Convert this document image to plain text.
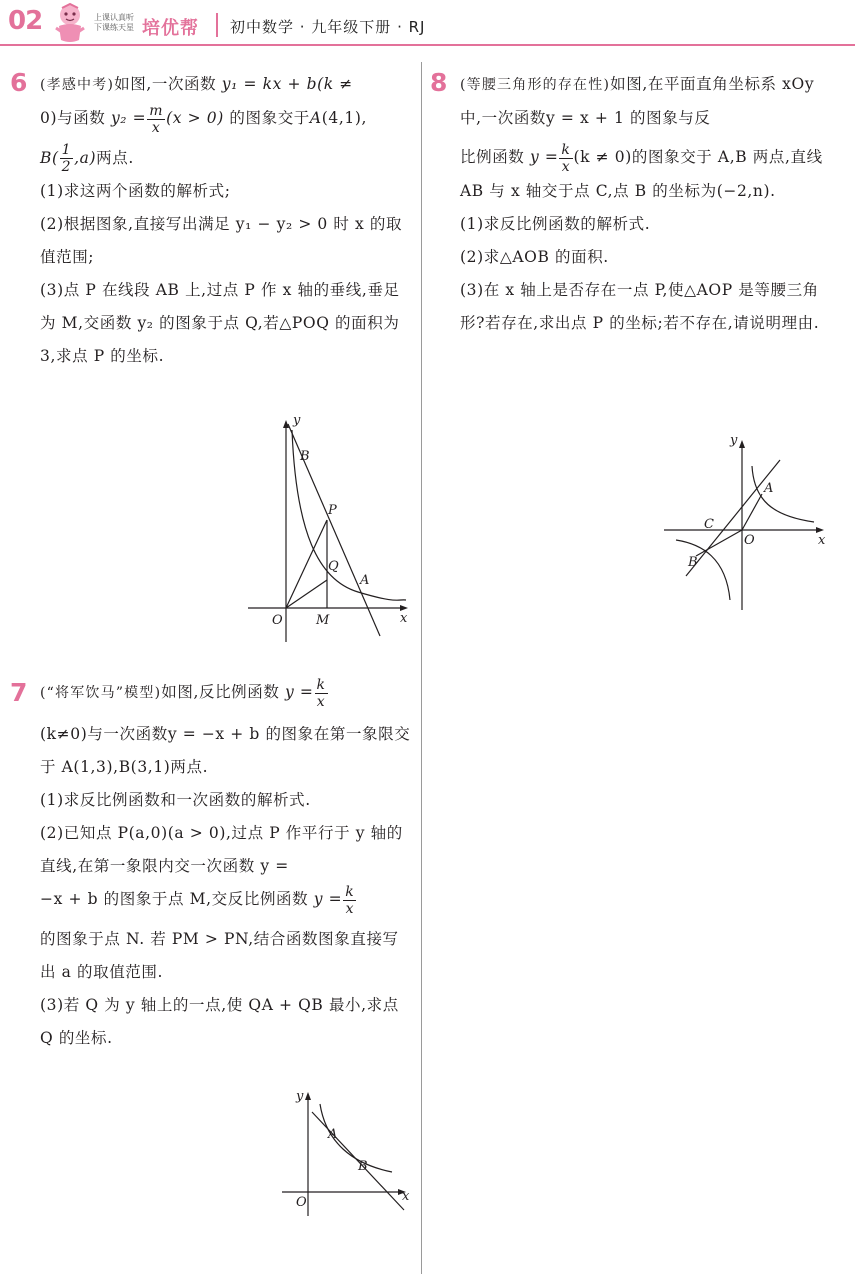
02	上课认真听
下课练天星 培优帮 初中数学 · 九年级下册 · RJ
6 (孝感中考)如图,一次函数 y₁ = kx + b(k ≠

0)与函数 $y_2 = \frac{m}{x} (x > 0)$ 的图象交于A(4,1),

$B( \frac{1}{2} ,a)$两点.

(1)求这两个函数的解析式;

(2)根据图象,直接写出满足 y₁ − y₂ > 0 时 x 的取值范围;

(3)点 P 在线段 AB 上,过点 P 作 x 轴的垂线,垂足为 M,交函数 y₂ 的图象于点 Q,若△POQ 的面积为 3,求点 P 的坐标.

y
x
O
B
P
Q
A
M
7 (“将军饮马”模型)如图,反比例函数 $y = \frac{k}{x}$

(k≠0)与一次函数y = −x + b 的图象在第一象限交于 A(1,3),B(3,1)两点.

(1)求反比例函数和一次函数的解析式.

(2)已知点 P(a,0)(a > 0),过点 P 作平行于 y 轴的直线,在第一象限内交一次函数 y =

−x + b 的图象于点 M,交反比例函数 $y = \frac{k}{x}$

的图象于点 N. 若 PM > PN,结合函数图象直接写出 a 的取值范围.

(3)若 Q 为 y 轴上的一点,使 QA + QB 最小,求点 Q 的坐标.

y
x
O
A
B
8 (等腰三角形的存在性)如图,在平面直角坐标系 xOy 中,一次函数y = x + 1 的图象与反

比例函数 $y = \frac{k}{x} (k \ne 0)$的图象交于 A,B 两点,直线 AB 与 x 轴交于点 C,点 B 的坐标为(−2,n).

(1)求反比例函数的解析式.

(2)求△AOB 的面积.

(3)在 x 轴上是否存在一点 P,使△AOP 是等腰三角形?若存在,求出点 P 的坐标;若不存在,请说明理由.

y
x
O
A
B
C
